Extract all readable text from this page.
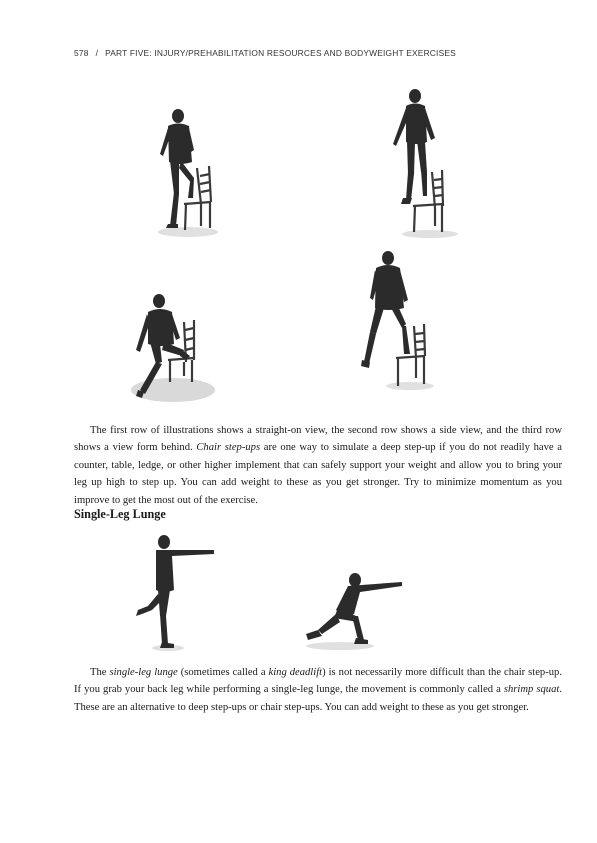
578 / PART FIVE: INJURY/PREHABILITATION RESOURCES AND BODYWEIGHT EXERCISES

The first row of illustrations shows a straight-on view, the second row shows a side view, and the third row shows a view form behind. Chair step-ups are one way to simulate a deep step-up if you do not readily have a counter, table, ledge, or other higher implement that can safely support your weight and allow you to bring your leg up high to step up. You can add weight to these as you get stronger. Try to minimize momentum as you improve to get the most out of the exercise.

Single-Leg Lunge

The single-leg lunge (sometimes called a king deadlift) is not necessarily more difficult than the chair step-up. If you grab your back leg while performing a single-leg lunge, the movement is commonly called a shrimp squat. These are an alternative to deep step-ups or chair step-ups. You can add weight to these as you get stronger.
